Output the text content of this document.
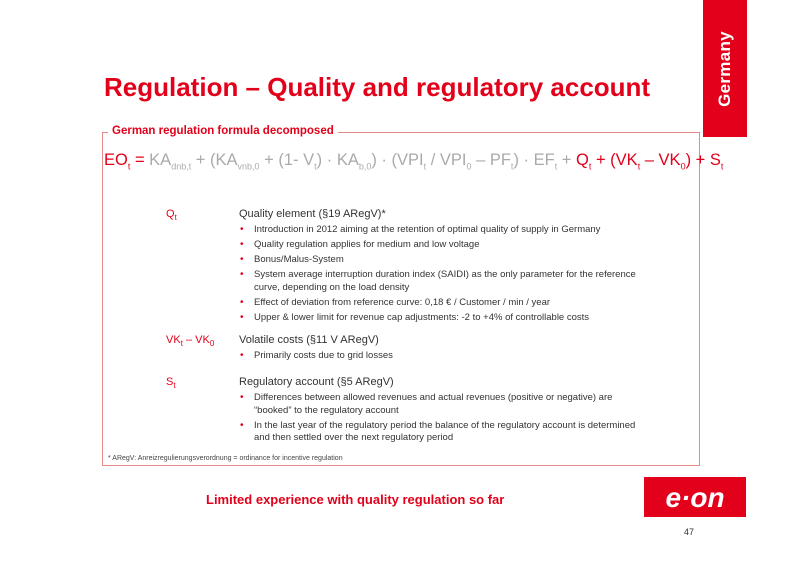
Germany
Regulation – Quality and regulatory account
German regulation formula decomposed
$EO_t = KA_{dnb,t} + (KA_{vnb,0} + (1-$ $V_t) \cdot KA_{b,0}) \cdot (VPI_t / VPI_0 - PF_t) \cdot EF_t + Q_t + (VK_t - VK_0) + S_t$
$Q_t$	Quality element (§19 ARegV)*
• Introduction in 2012 aiming at the retention of optimal quality of supply in Germany
• Quality regulation applies for medium and low voltage
• Bonus/Malus-System
• System average interruption duration index (SAIDI) as the only parameter for the reference curve, depending on the load density
• Effect of deviation from reference curve: 0,18 € / Customer / min / year
• Upper & lower limit for revenue cap adjustments: -2 to +4% of controllable costs
$VK_t - VK_0$ Volatile costs (§11 V ARegV)
• Primarily costs due to grid losses
$S_t$	Regulatory account (§5 ARegV)
• Differences between allowed revenues and actual revenues (positive or negative) are “booked” to the regulatory account
• In the last year of the regulatory period the balance of the regulatory account is determined and then settled over the next regulatory period
* ARegV: Anreizregulierungsverordnung = ordinance for incentive regulation
Limited experience with quality regulation so far	e·on
47
